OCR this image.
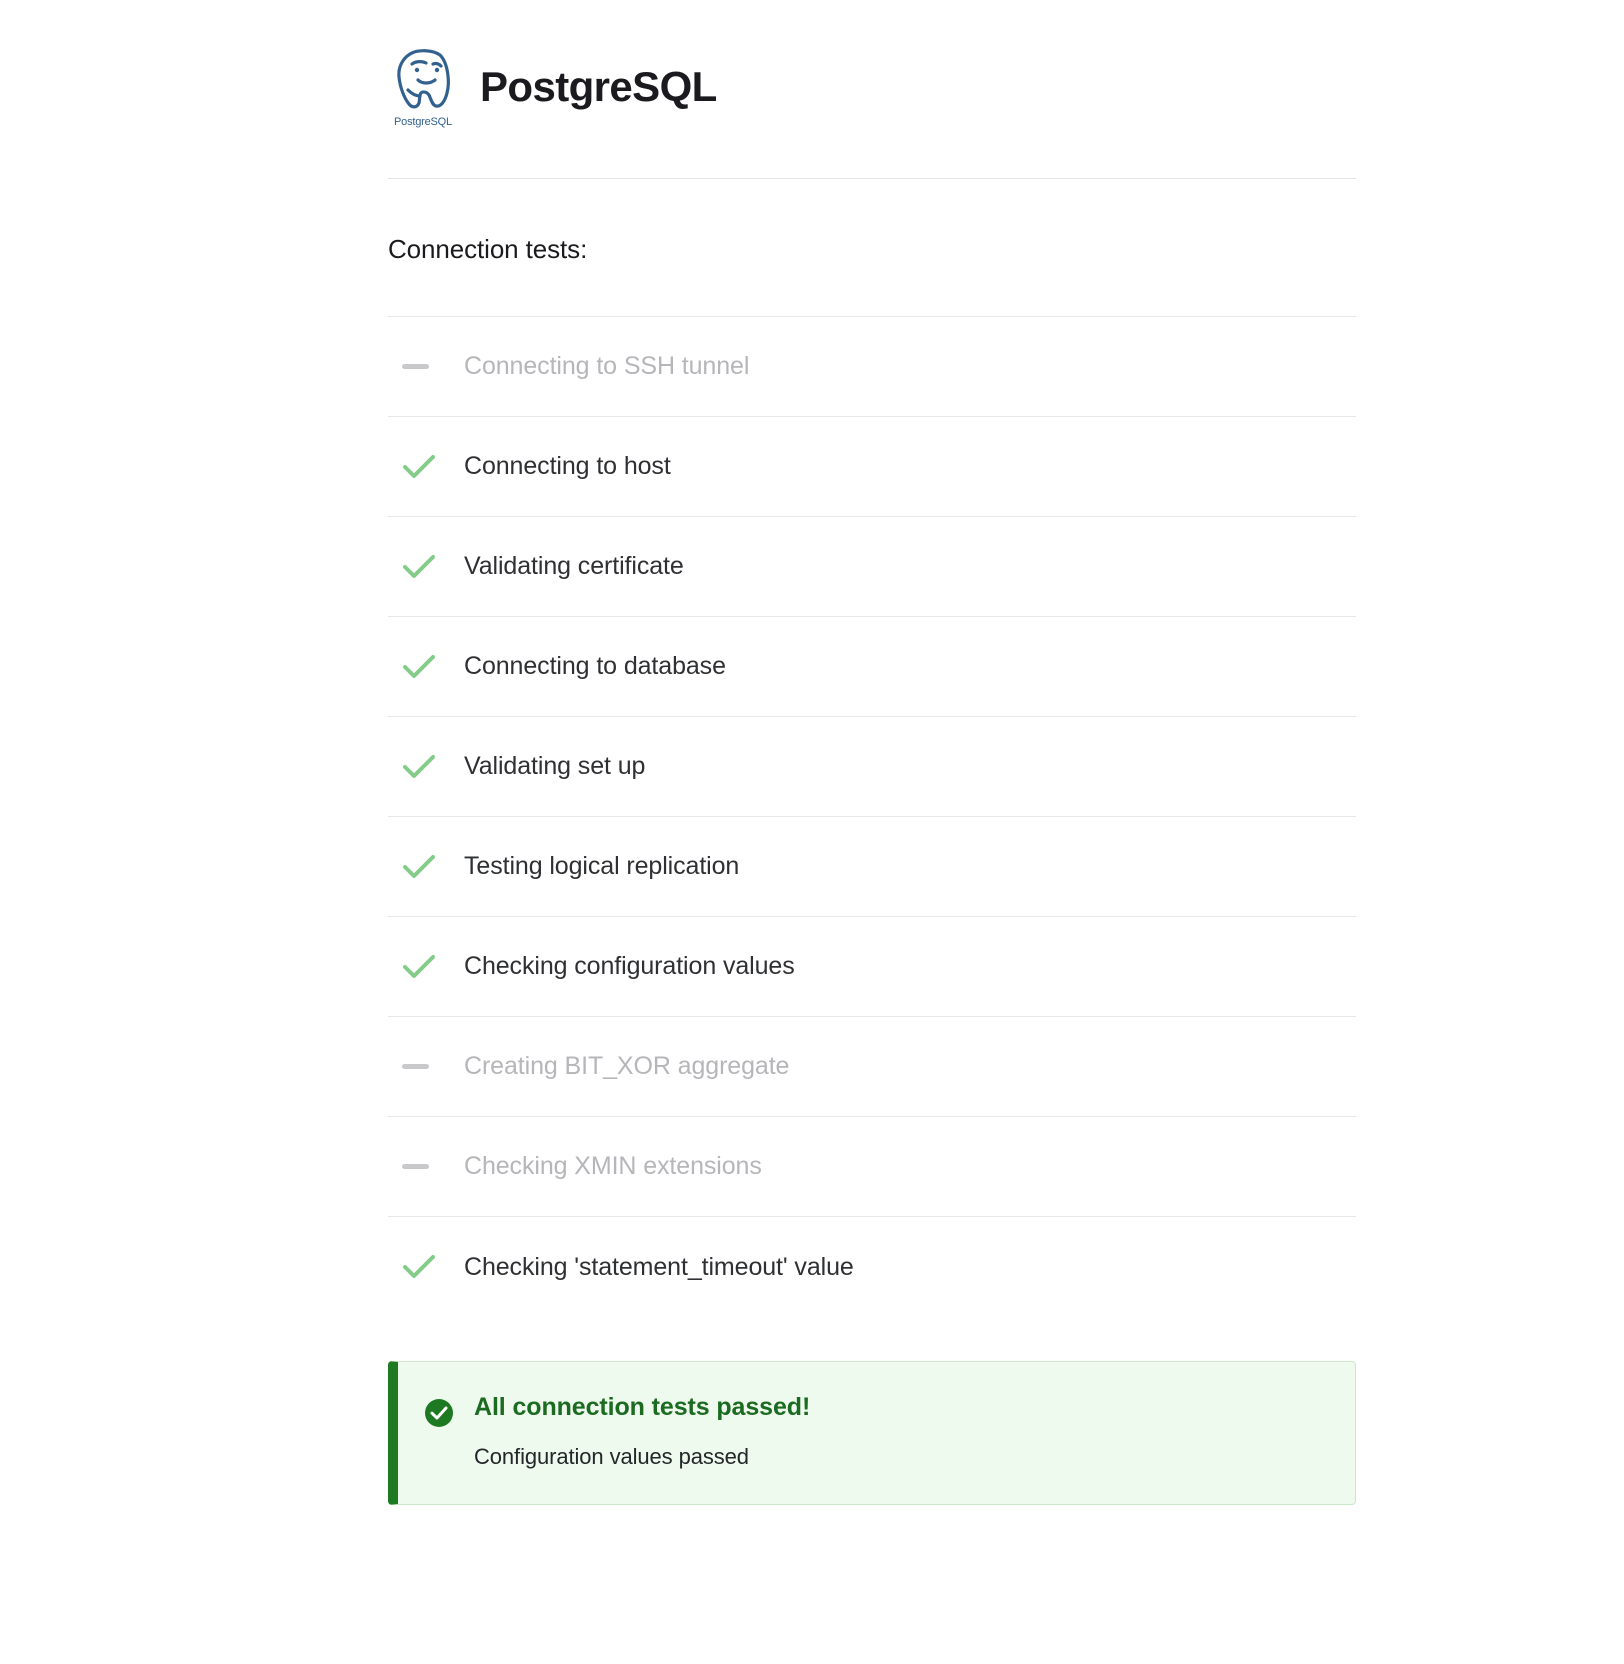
PostgreSQL
PostgreSQL
Connection tests:
Connecting to SSH tunnel
Connecting to host
Validating certificate
Connecting to database
Validating set up
Testing logical replication
Checking configuration values
Creating BIT_XOR aggregate
Checking XMIN extensions
Checking 'statement_timeout' value
All connection tests passed!
Configuration values passed
